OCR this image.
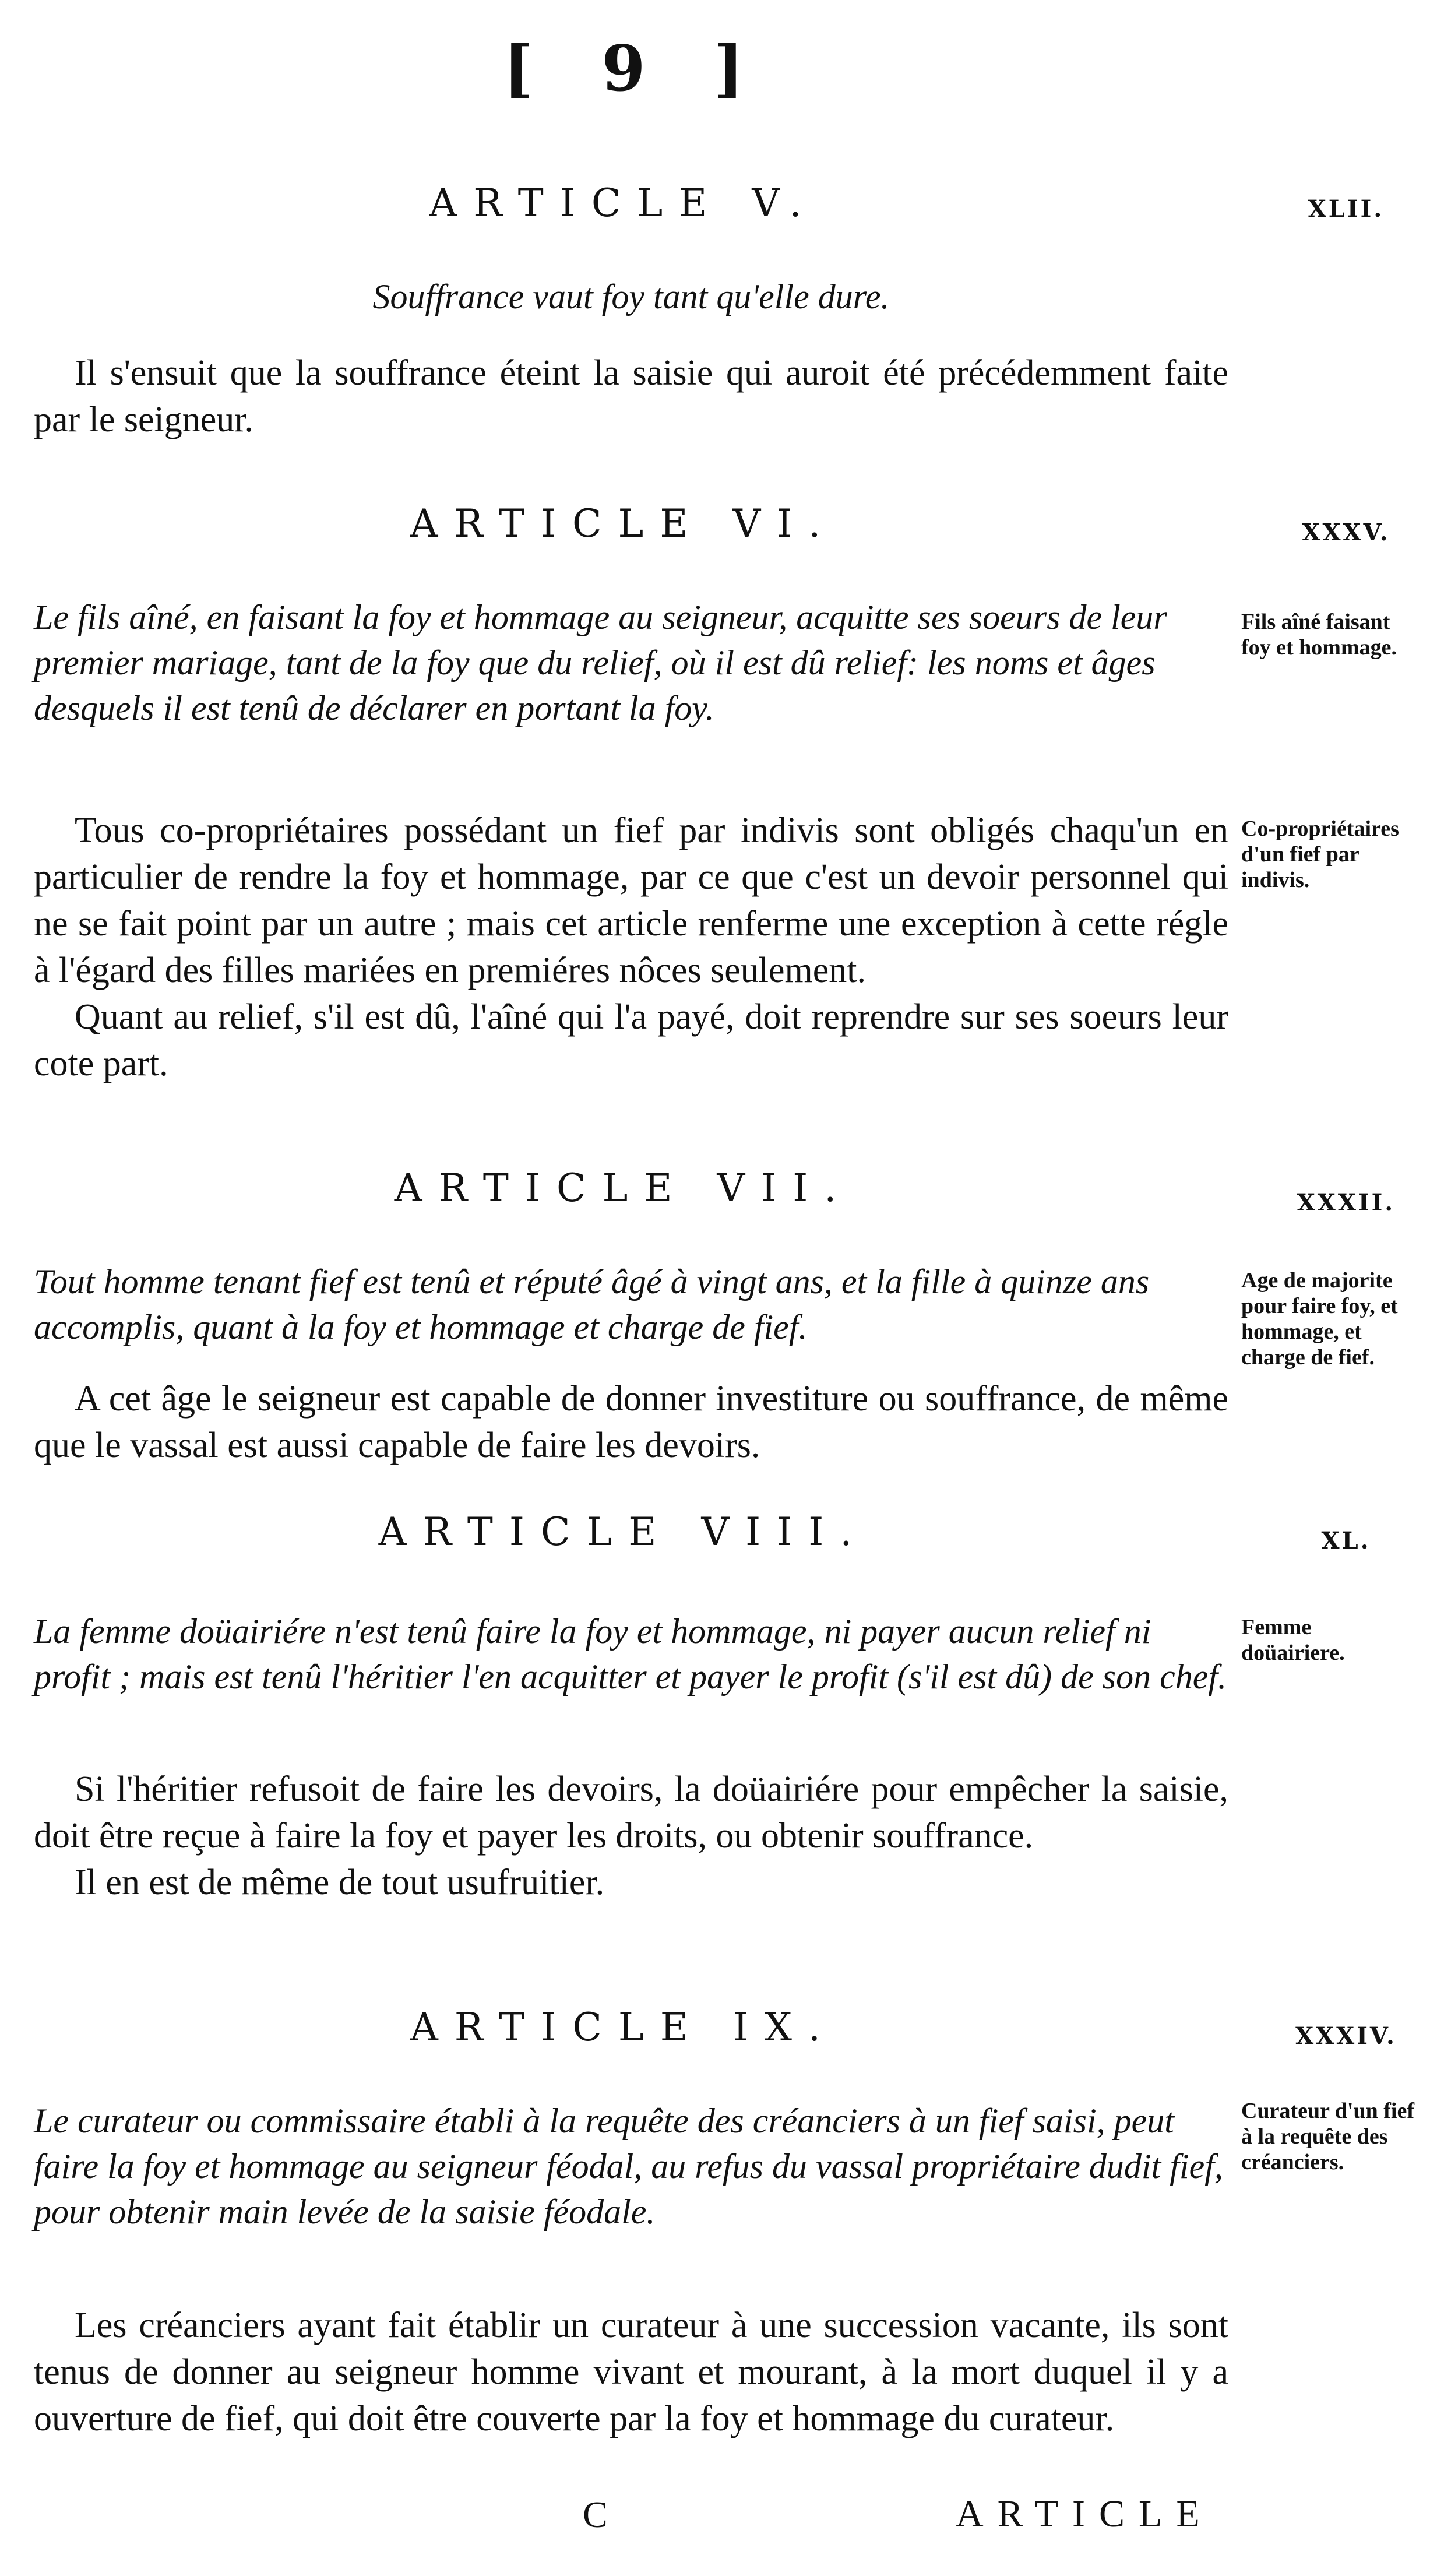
[ 9 ]
ARTICLE V.	XLII.
Souffrance vaut foy tant qu'elle dure.

Il s'ensuit que la souffrance éteint la saisie qui auroit été précédemment faite par le seigneur.

ARTICLE VI.	XXXV.
Le fils aîné, en faisant la foy et hommage au seigneur, acquitte ses soeurs de leur premier mariage, tant de la foy que du relief, où il est dû relief: les noms et âges desquels il est tenû de déclarer en portant la foy.
Fils aîné faisant foy et hommage.

Tous co-propriétaires possédant un fief par indivis sont obligés chaqu'un en particulier de rendre la foy et hommage, par ce que c'est un devoir personnel qui ne se fait point par un autre ; mais cet article renferme une exception à cette régle à l'égard des filles mariées en premiéres nôces seulement.

Quant au relief, s'il est dû, l'aîné qui l'a payé, doit reprendre sur ses soeurs leur cote part.

Co-propriétaires d'un fief par indivis.
ARTICLE VII.	XXXII.
Tout homme tenant fief est tenû et réputé âgé à vingt ans, et la fille à quinze ans accomplis, quant à la foy et hommage et charge de fief.
Age de majorite pour faire foy, et hommage, et charge de fief.

A cet âge le seigneur est capable de donner investiture ou souffrance, de même que le vassal est aussi capable de faire les devoirs.

ARTICLE VIII.	XL.
La femme doüairiére n'est tenû faire la foy et hommage, ni payer aucun relief ni profit ; mais est tenû l'héritier l'en acquitter et payer le profit (s'il est dû) de son chef.
Femme doüairiere.

Si l'héritier refusoit de faire les devoirs, la doüairiére pour empêcher la saisie, doit être reçue à faire la foy et payer les droits, ou obtenir souffrance.

Il en est de même de tout usufruitier.

ARTICLE IX.	XXXIV.
Le curateur ou commissaire établi à la requête des créanciers à un fief saisi, peut faire la foy et hommage au seigneur féodal, au refus du vassal propriétaire dudit fief, pour obtenir main levée de la saisie féodale.
Curateur d'un fief à la requête des créanciers.

Les créanciers ayant fait établir un curateur à une succession vacante, ils sont tenus de donner au seigneur homme vivant et mourant, à la mort duquel il y a ouverture de fief, qui doit être couverte par la foy et hommage du curateur.

C	ARTICLE
